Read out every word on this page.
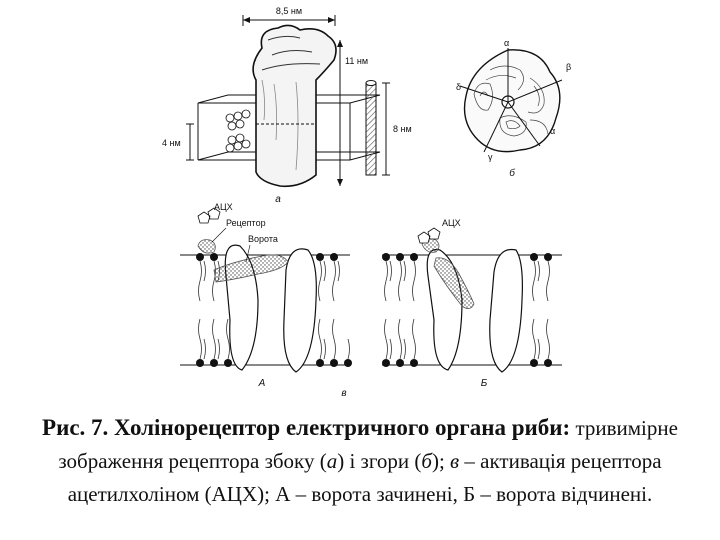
8,5 нм
11 нм
8 нм
4 нм
а
α
β
α
γ
δ
б
АЦХ
Рецептор
Ворота
А
АЦХ
Б
в
Рис. 7. Холінорецептор електричного органа риби: тривимірне зображення рецептора збоку (а) і згори (б); в – активація рецептора ацетилхоліном (АЦХ); А – ворота зачинені, Б – ворота відчинені.
